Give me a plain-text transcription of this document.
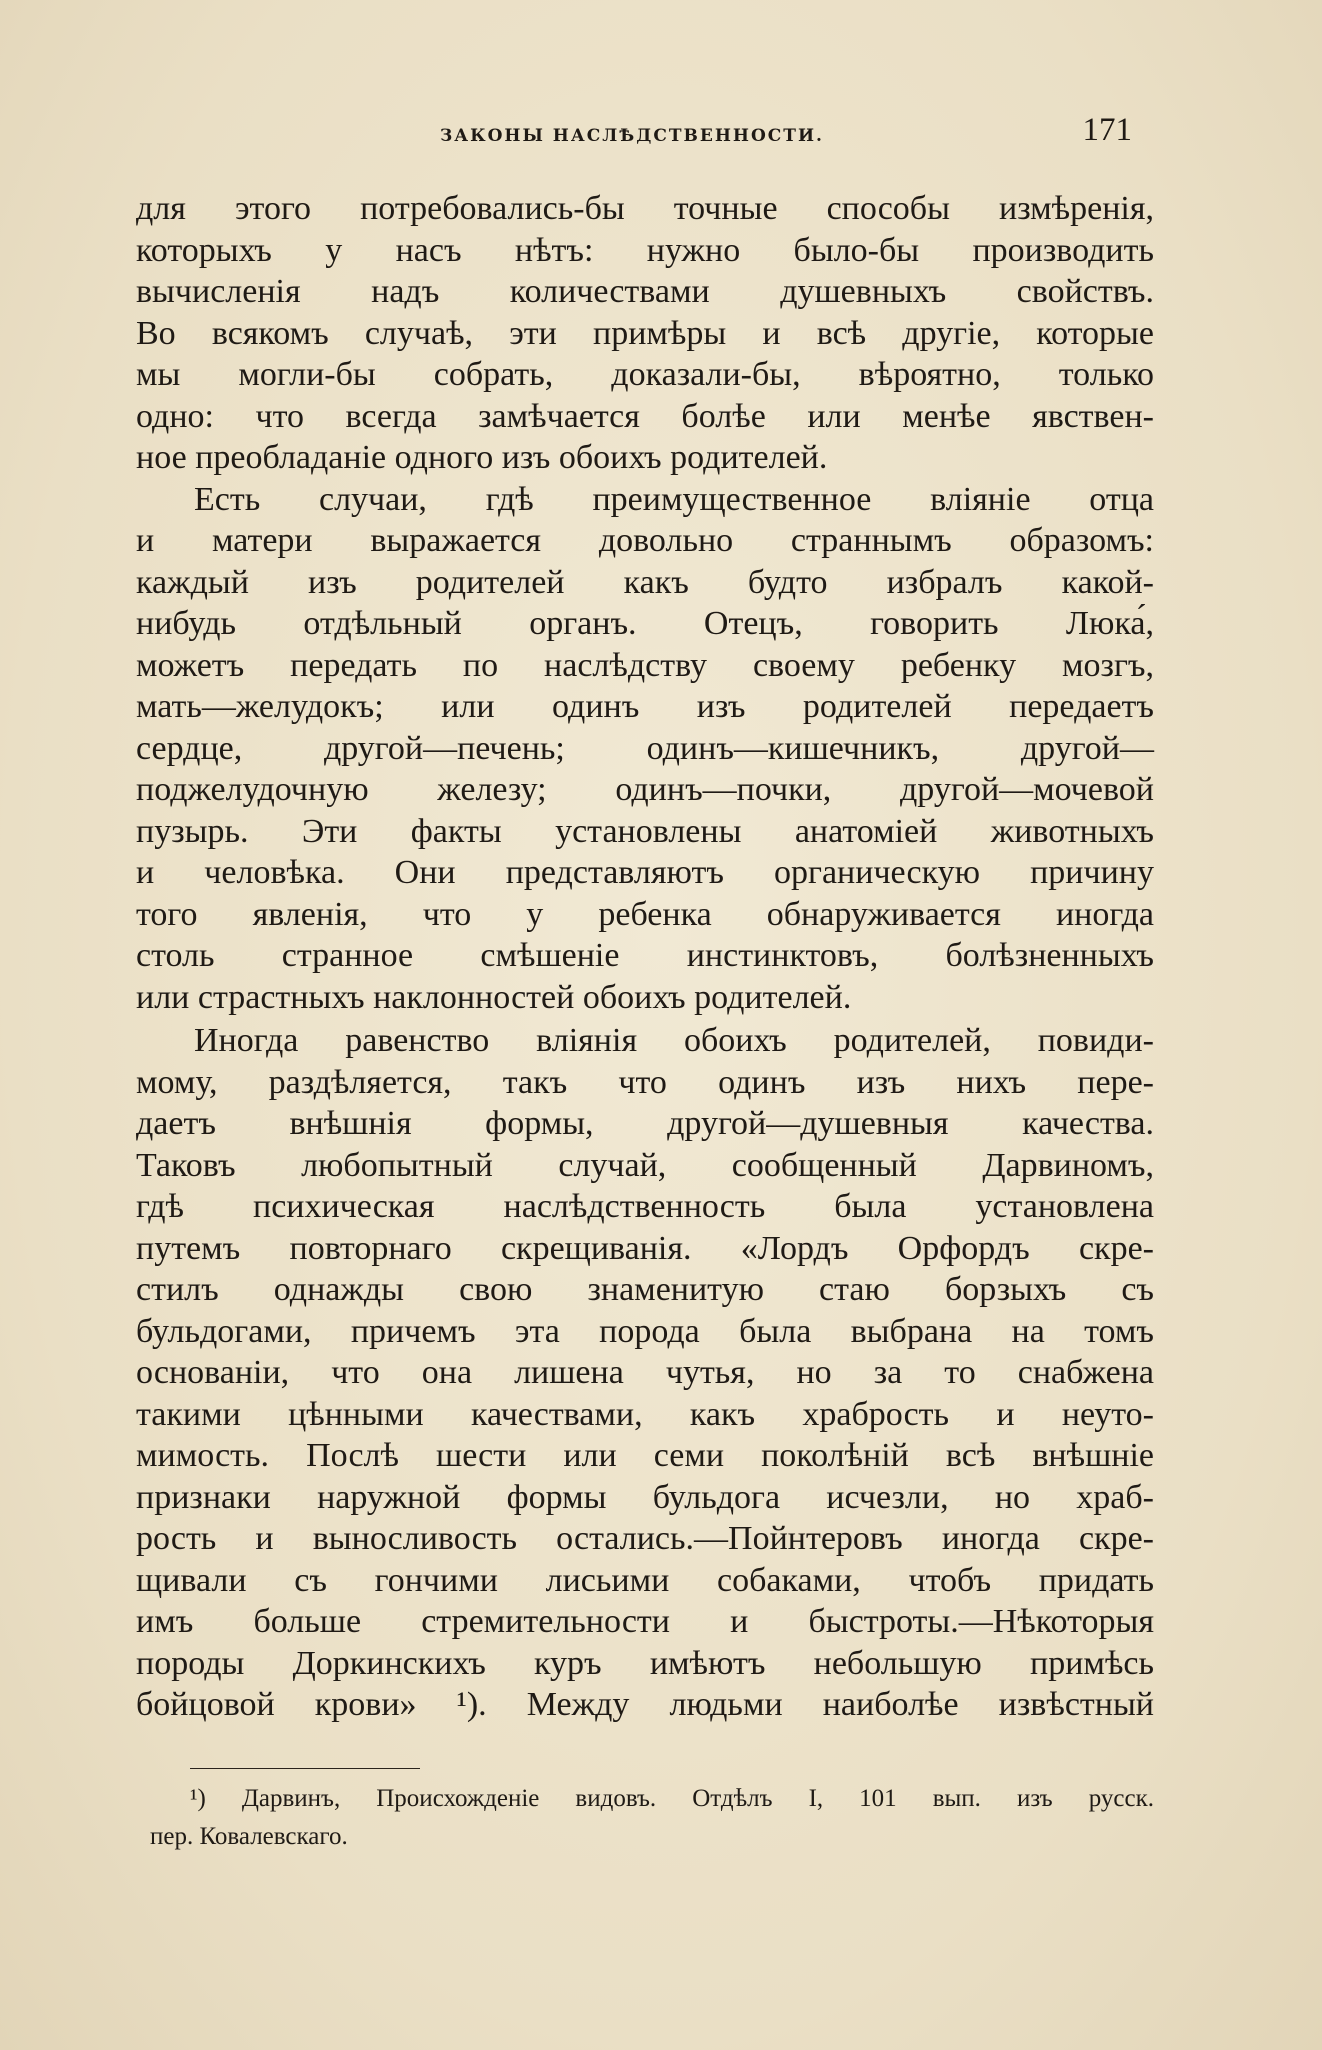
ЗАКОНЫ НАСЛѢДСТВЕННОСТИ.	171
для этого потребовались-бы точные способы измѣренія,
которыхъ у насъ нѣтъ: нужно было-бы производить
вычисленія надъ количествами душевныхъ свойствъ.
Во всякомъ случаѣ, эти примѣры и всѣ другіе, которые
мы могли-бы собрать, доказали-бы, вѣроятно, только
одно: что всегда замѣчается болѣе или менѣе явствен-
ное преобладаніе одного изъ обоихъ родителей.
Есть случаи, гдѣ преимущественное вліяніе отца
и матери выражается довольно страннымъ образомъ:
каждый изъ родителей какъ будто избралъ какой-
нибудь отдѣльный органъ. Отецъ, говорить Люка́,
можетъ передать по наслѣдству своему ребенку мозгъ,
мать—желудокъ; или одинъ изъ родителей передаетъ
сердце, другой—печень; одинъ—кишечникъ, другой—
поджелудочную железу; одинъ—почки, другой—мочевой
пузырь. Эти факты установлены анатоміей животныхъ
и человѣка. Они представляютъ органическую причину
того явленія, что у ребенка обнаруживается иногда
столь странное смѣшеніе инстинктовъ, болѣзненныхъ
или страстныхъ наклонностей обоихъ родителей.
Иногда равенство вліянія обоихъ родителей, повиди-
мому, раздѣляется, такъ что одинъ изъ нихъ пере-
даетъ внѣшнія формы, другой—душевныя качества.
Таковъ любопытный случай, сообщенный Дарвиномъ,
гдѣ психическая наслѣдственность была установлена
путемъ повторнаго скрещиванія. «Лордъ Орфордъ скре-
стилъ однажды свою знаменитую стаю борзыхъ съ
бульдогами, причемъ эта порода была выбрана на томъ
основаніи, что она лишена чутья, но за то снабжена
такими цѣнными качествами, какъ храбрость и неуто-
мимость. Послѣ шести или семи поколѣній всѣ внѣшніе
признаки наружной формы бульдога исчезли, но храб-
рость и выносливость остались.—Пойнтеровъ иногда скре-
щивали съ гончими лисьими собаками, чтобъ придать
имъ больше стремительности и быстроты.—Нѣкоторыя
породы Доркинскихъ куръ имѣютъ небольшую примѣсь
бойцовой крови» ¹). Между людьми наиболѣе извѣстный
¹) Дарвинъ, Происхожденіе видовъ. Отдѣлъ I, 101 вып. изъ русск.
пер. Ковалевскаго.
